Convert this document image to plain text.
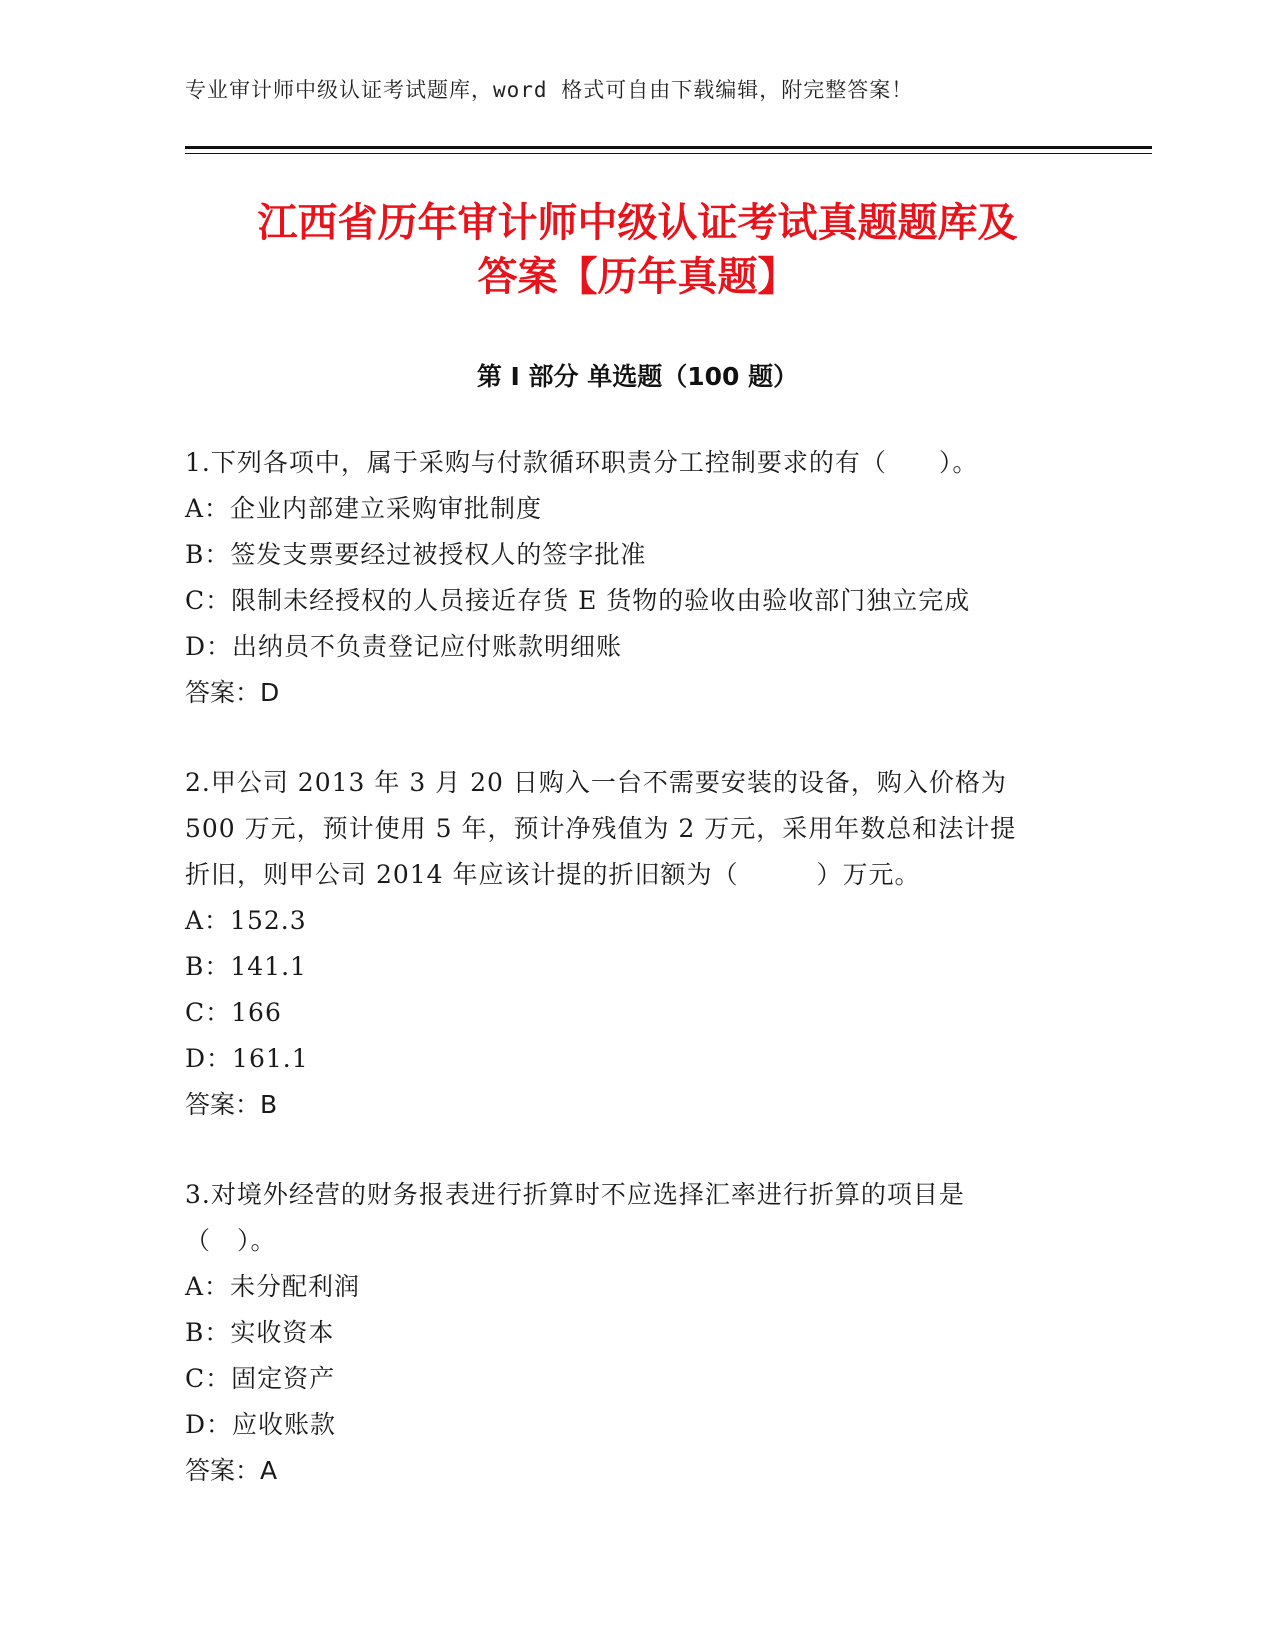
专业审计师中级认证考试题库，word 格式可自由下载编辑，附完整答案！
江西省历年审计师中级认证考试真题题库及
答案【历年真题】
第 I 部分 单选题（100 题）

1.下列各项中，属于采购与付款循环职责分工控制要求的有（　　）。

A：企业内部建立采购审批制度

B：签发支票要经过被授权人的签字批准

C：限制未经授权的人员接近存货 E 货物的验收由验收部门独立完成

D：出纳员不负责登记应付账款明细账

答案：D

2.甲公司 2013 年 3 月 20 日购入一台不需要安装的设备，购入价格为

500 万元，预计使用 5 年，预计净残值为 2 万元，采用年数总和法计提

折旧，则甲公司 2014 年应该计提的折旧额为（　　　）万元。

A：152.3

B：141.1

C：166

D：161.1

答案：B

3.对境外经营的财务报表进行折算时不应选择汇率进行折算的项目是

（　）。

A：未分配利润

B：实收资本

C：固定资产

D：应收账款

答案：A
